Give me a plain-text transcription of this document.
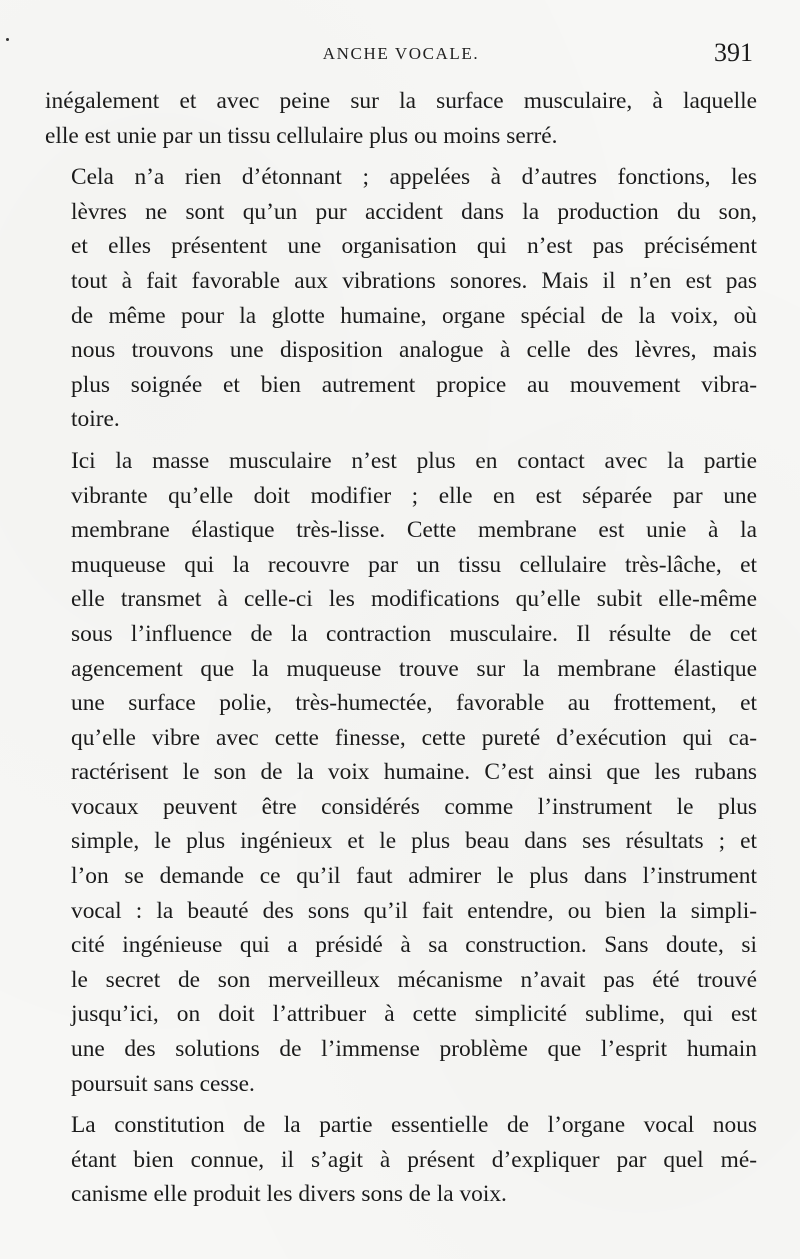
ANCHE VOCALE.	391

inégalement et avec peine sur la surface musculaire, à laquelle
elle est unie par un tissu cellulaire plus ou moins serré.

Cela n’a rien d’étonnant ; appelées à d’autres fonctions, les
lèvres ne sont qu’un pur accident dans la production du son,
et elles présentent une organisation qui n’est pas précisément
tout à fait favorable aux vibrations sonores. Mais il n’en est pas
de même pour la glotte humaine, organe spécial de la voix, où
nous trouvons une disposition analogue à celle des lèvres, mais
plus soignée et bien autrement propice au mouvement vibra-
toire.

Ici la masse musculaire n’est plus en contact avec la partie
vibrante qu’elle doit modifier ; elle en est séparée par une
membrane élastique très-lisse. Cette membrane est unie à la
muqueuse qui la recouvre par un tissu cellulaire très-lâche, et
elle transmet à celle-ci les modifications qu’elle subit elle-même
sous l’influence de la contraction musculaire. Il résulte de cet
agencement que la muqueuse trouve sur la membrane élastique
une surface polie, très-humectée, favorable au frottement, et
qu’elle vibre avec cette finesse, cette pureté d’exécution qui ca-
ractérisent le son de la voix humaine. C’est ainsi que les rubans
vocaux peuvent être considérés comme l’instrument le plus
simple, le plus ingénieux et le plus beau dans ses résultats ; et
l’on se demande ce qu’il faut admirer le plus dans l’instrument
vocal : la beauté des sons qu’il fait entendre, ou bien la simpli-
cité ingénieuse qui a présidé à sa construction. Sans doute, si
le secret de son merveilleux mécanisme n’avait pas été trouvé
jusqu’ici, on doit l’attribuer à cette simplicité sublime, qui est
une des solutions de l’immense problème que l’esprit humain
poursuit sans cesse.

La constitution de la partie essentielle de l’organe vocal nous
étant bien connue, il s’agit à présent d’expliquer par quel mé-
canisme elle produit les divers sons de la voix.
